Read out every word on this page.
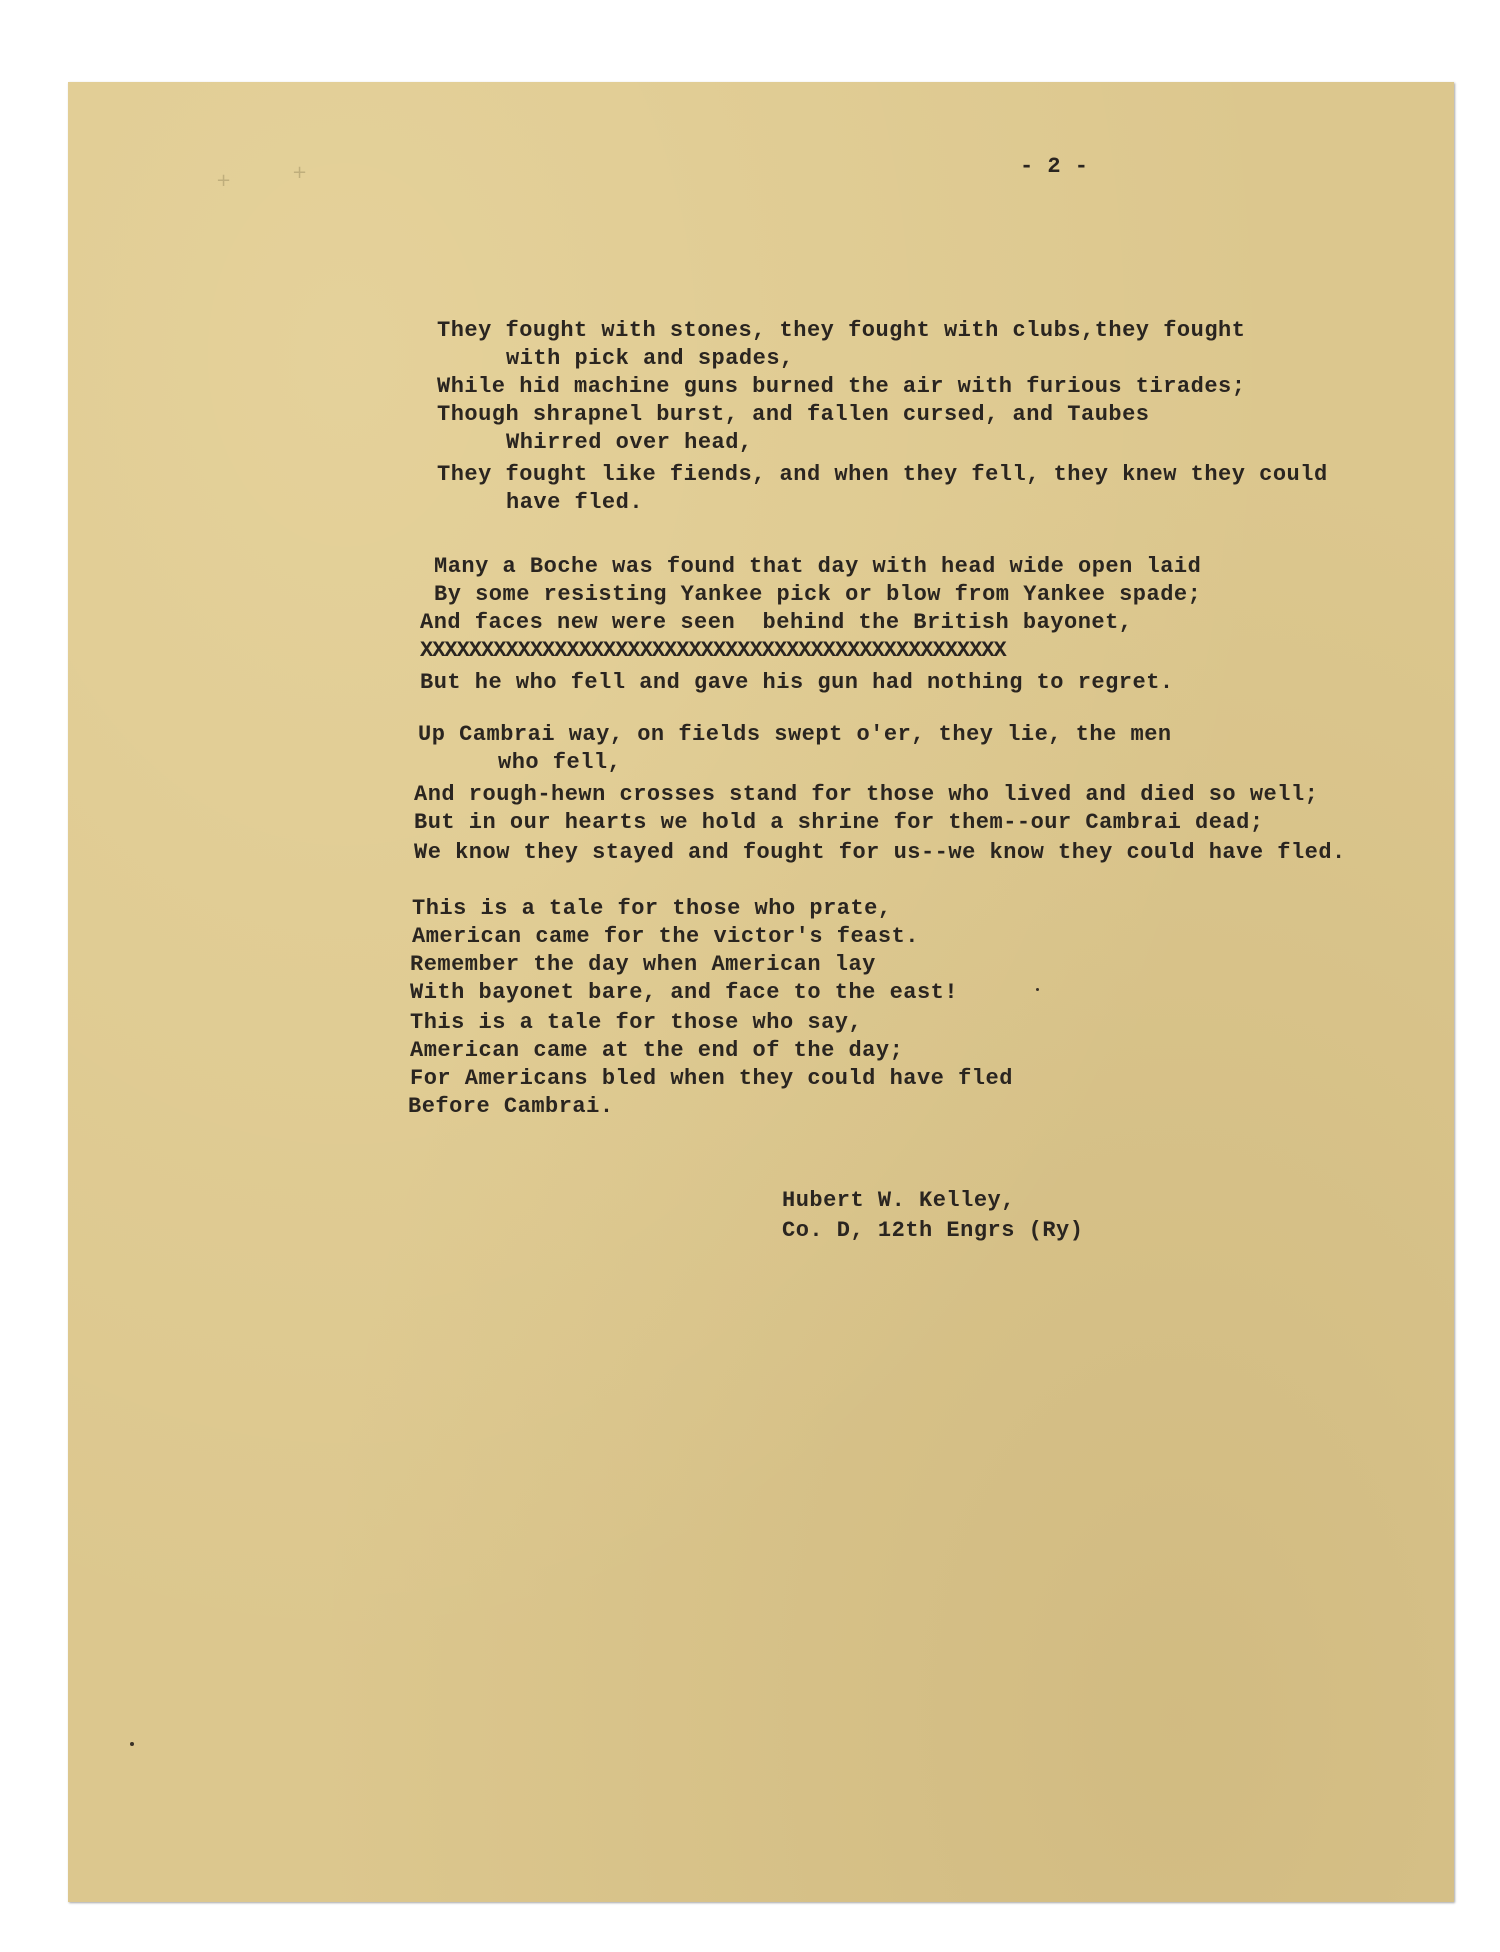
+	+	- 2 -
They fought with stones, they fought with clubs,they fought
with pick and spades,
While hid machine guns burned the air with furious tirades;
Though shrapnel burst, and fallen cursed, and Taubes
Whirred over head,
They fought like fiends, and when they fell, they knew they could
have fled.
Many a Boche was found that day with head wide open laid
By some resisting Yankee pick or blow from Yankee spade;
And faces new were seen  behind the British bayonet,
XXXXXXXXXXXXXXXXXXXXXXXXXXXXXXXXXXXXXXXXXXXXXXXX
But he who fell and gave his gun had nothing to regret.
Up Cambrai way, on fields swept o'er, they lie, the men
who fell,
And rough-hewn crosses stand for those who lived and died so well;
But in our hearts we hold a shrine for them--our Cambrai dead;
We know they stayed and fought for us--we know they could have fled.
This is a tale for those who prate,
American came for the victor's feast.
Remember the day when American lay
With bayonet bare, and face to the east!
This is a tale for those who say,
American came at the end of the day;
For Americans bled when they could have fled
Before Cambrai.
Hubert W. Kelley,
Co. D, 12th Engrs (Ry)
